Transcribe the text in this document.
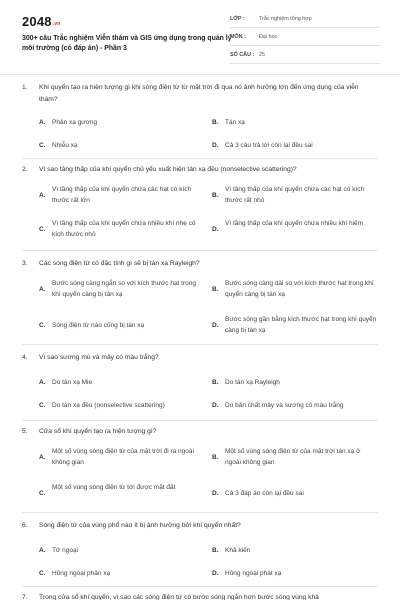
2048.vn
300+ câu Trắc nghiệm Viễn thám và GIS ứng dụng trong quản lý môi trường (có đáp án) - Phần 3
LỚP :	Trắc nghiệm tổng hợp
MÔN : Đại học
SỐ CÂU : 25
1. Khí quyển tạo ra hiện tượng gì khi sóng điện từ từ mặt trời đi qua nó ảnh hưởng lớn đến ứng dụng của viễn thám?
A. Phản xạ gương	B. Tán xạ
C. Nhiễu xạ	D. Cả 3 câu trả lời còn lại đều sai
2. Vì sao tầng thấp của khí quyển chủ yếu xuất hiện tán xạ đều (nonselective scattering)?
A.
Vì tầng thấp của khí quyển chứa các hạt có kích thước rất lớn
B.
Vì tầng thấp của khí quyển chứa các hạt có kích thước rất nhỏ
C.
Vì tầng thấp của khí quyển chứa nhiều khí nhẹ có kích thước nhỏ
D.
Vì tầng thấp của khí quyển chứa nhiều khí hiếm
3. Các sóng điện từ có đặc tính gì sẽ bị tán xạ Rayleigh?
A.
Bước sóng càng ngắn so với kích thước hạt trong khí quyển càng bị tán xạ
B.
Bước sóng càng dài so với kích thước hạt trong khí quyển càng bị tán xạ
C. Sóng điện từ nào cũng bị tán xạ	D.
Bước sóng gần bằng kích thước hạt trong khí quyển càng bị tán xạ
4. Vì sao sương mù và mây có màu trắng?
A. Do tán xạ Mie	B. Do tán xạ Rayleigh
C. Do tán xạ đều (nonselective scattering)	D. Do bản chất mây và sương có màu trắng
5. Cửa sổ khí quyển tạo ra hiện tượng gì?
A.
Một số vùng sóng điện từ của mặt trời đi ra ngoài không gian
B.
Một số vùng sóng điện từ của mặt trời tán xạ ở ngoài không gian
C.
Một số vùng sóng điện từ tới được mặt đất
D. Cả 3 đáp án còn lại đều sai
6. Sóng điện từ của vùng phổ nào ít bị ảnh hưởng bởi khí quyển nhất?
A. Tử ngoại	B. Khả kiến
C. Hồng ngoại phản xạ	D. Hồng ngoại phát xạ
7. Trong cửa sổ khí quyển, vì sao các sóng điện từ có bước sóng ngắn hơn bước sóng vùng khả
